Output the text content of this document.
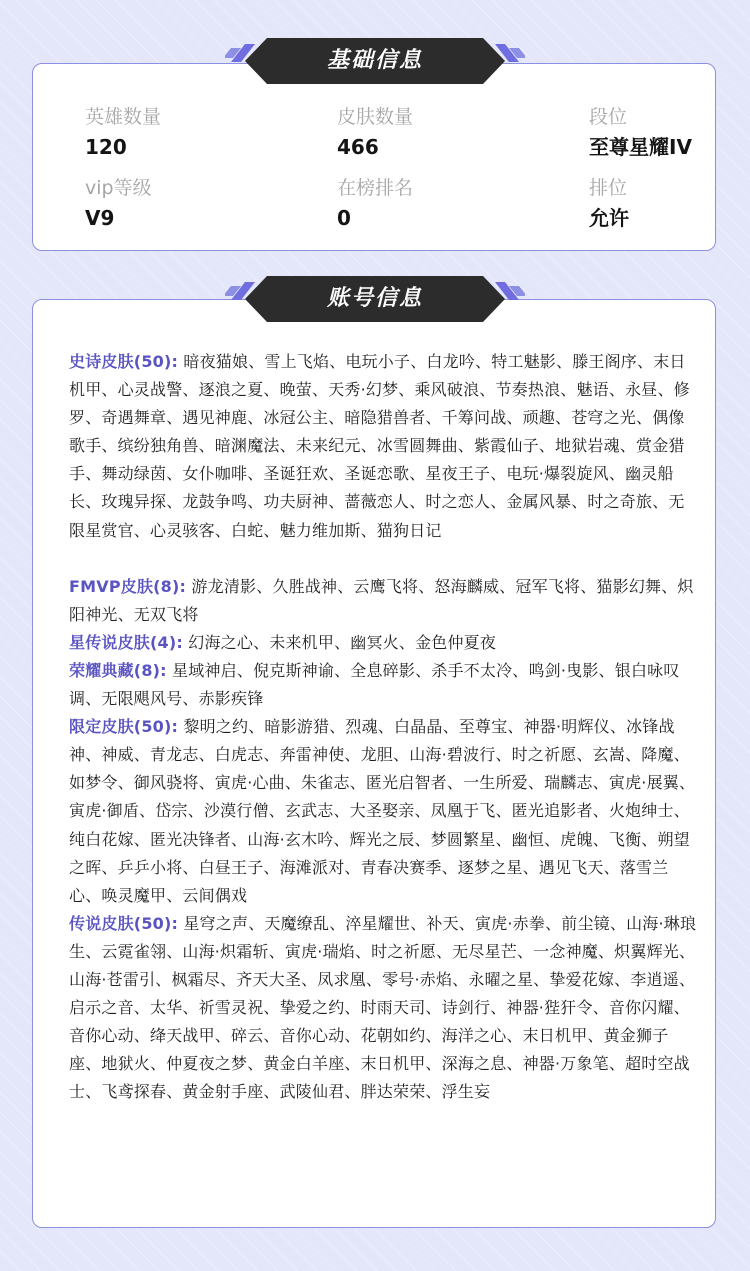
英雄数量
120
皮肤数量
466
段位
至尊星耀IV
vip等级
V9
在榜排名
0
排位
允许
基础信息

史诗皮肤(50): 暗夜猫娘、雪上飞焰、电玩小子、白龙吟、特工魅影、滕王阁序、末日机甲、心灵战警、逐浪之夏、晚萤、天秀·幻梦、乘风破浪、节奏热浪、魅语、永昼、修罗、奇遇舞章、遇见神鹿、冰冠公主、暗隐猎兽者、千筹问战、顽趣、苍穹之光、偶像歌手、缤纷独角兽、暗渊魔法、未来纪元、冰雪圆舞曲、紫霞仙子、地狱岩魂、赏金猎手、舞动绿茵、女仆咖啡、圣诞狂欢、圣诞恋歌、星夜王子、电玩·爆裂旋风、幽灵船长、玫瑰异探、龙鼓争鸣、功夫厨神、蔷薇恋人、时之恋人、金属风暴、时之奇旅、无限星赏官、心灵骇客、白蛇、魅力维加斯、猫狗日记

FMVP皮肤(8): 游龙清影、久胜战神、云鹰飞将、怒海麟威、冠军飞将、猫影幻舞、炽阳神光、无双飞将

星传说皮肤(4): 幻海之心、未来机甲、幽冥火、金色仲夏夜

荣耀典藏(8): 星域神启、倪克斯神谕、全息碎影、杀手不太冷、鸣剑·曳影、银白咏叹调、无限飓风号、赤影疾锋

限定皮肤(50): 黎明之约、暗影游猎、烈魂、白晶晶、至尊宝、神器·明辉仪、冰锋战神、神威、青龙志、白虎志、奔雷神使、龙胆、山海·碧波行、时之祈愿、玄嵩、降魔、如梦令、御风骁将、寅虎·心曲、朱雀志、匿光启智者、一生所爱、瑞麟志、寅虎·展翼、寅虎·御盾、岱宗、沙漠行僧、玄武志、大圣娶亲、凤凰于飞、匿光追影者、火炮绅士、纯白花嫁、匿光决锋者、山海·玄木吟、辉光之辰、梦圆繁星、幽恒、虎魄、飞衡、朔望之晖、乒乒小将、白昼王子、海滩派对、青春决赛季、逐梦之星、遇见飞天、落雪兰心、唤灵魔甲、云间偶戏

传说皮肤(50): 星穹之声、天魔缭乱、淬星耀世、补天、寅虎·赤拳、前尘镜、山海·琳琅生、云霓雀翎、山海·炽霜斩、寅虎·瑞焰、时之祈愿、无尽星芒、一念神魔、炽翼辉光、山海·苍雷引、枫霜尽、齐天大圣、凤求凰、零号·赤焰、永曜之星、挚爱花嫁、李逍遥、启示之音、太华、祈雪灵祝、挚爱之约、时雨天司、诗剑行、神器·狴犴令、音你闪耀、音你心动、绛天战甲、碎云、音你心动、花朝如约、海洋之心、末日机甲、黄金狮子座、地狱火、仲夏夜之梦、黄金白羊座、末日机甲、深海之息、神器·万象笔、超时空战士、飞鸢探春、黄金射手座、武陵仙君、胖达荣荣、浮生妄

账号信息
